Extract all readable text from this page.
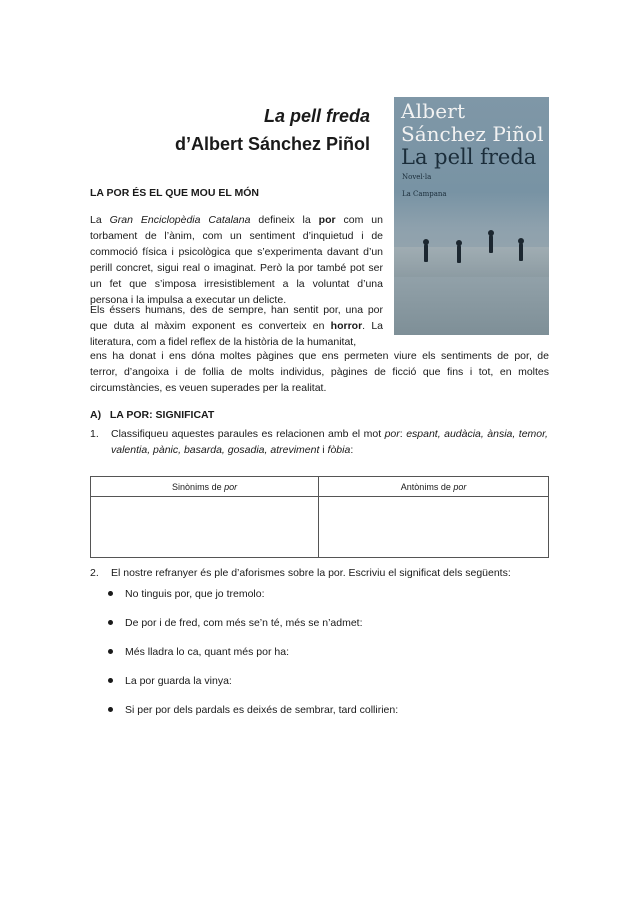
Albert
Sánchez Piñol
La pell freda
Novel·la
La Campana
La pell freda
d’Albert Sánchez Piñol
LA POR ÉS EL QUE MOU EL MÓN
La Gran Enciclopèdia Catalana defineix la por com un torbament de l’ànim, com un sentiment d’inquietud i de commoció física i psicològica que s’experimenta davant d’un perill concret, sigui real o imaginat. Però la por també pot ser un fet que s’imposa irresistiblement a la voluntat d’una persona i la impulsa a executar un delicte.
Els éssers humans, des de sempre, han sentit por, una por que duta al màxim exponent es converteix en horror. La literatura, com a fidel reflex de la història de la humanitat,
ens ha donat i ens dóna moltes pàgines que ens permeten viure els sentiments de por, de
terror, d’angoixa i de follia de molts individus, pàgines de ficció que fins i tot, en moltes
circumstàncies, es veuen superades per la realitat.
A)   LA POR: SIGNIFICAT
1. Classifiqueu aquestes paraules es relacionen amb el mot por: espant, audàcia, ànsia, temor, valentia, pànic, basarda, gosadia, atreviment i fòbia:
Sinònims de por	Antònims de por

2. El nostre refranyer és ple d’aforismes sobre la por. Escriviu el significat dels següents:
No tinguis por, que jo tremolo:
De por i de fred, com més se’n té, més se n’admet:
Més lladra lo ca, quant més por ha:
La por guarda la vinya:
Si per por dels pardals es deixés de sembrar, tard collirien:
